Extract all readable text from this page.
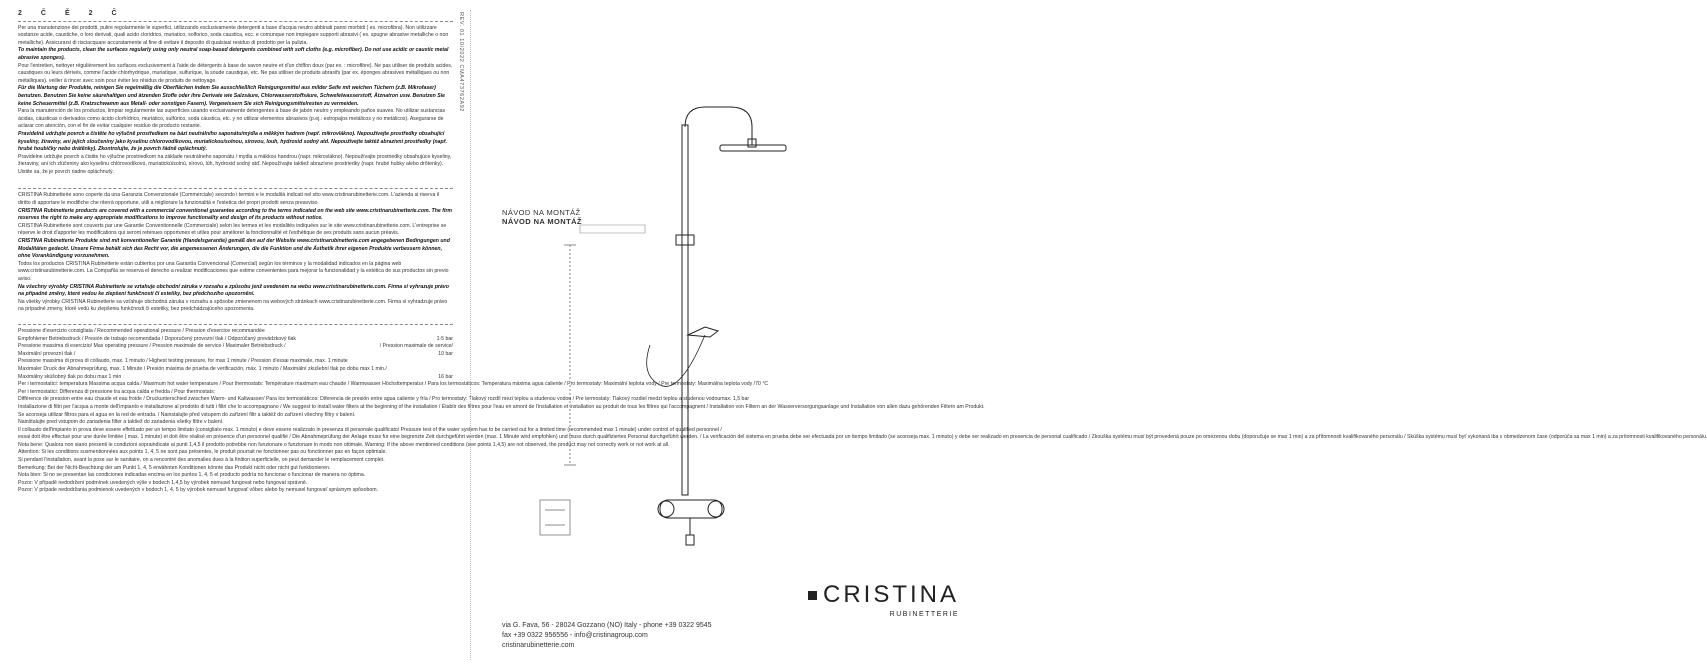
2	Č	Ě	2	Č

Per una manutenzione dei prodotti, pulire regolarmente le superfici, utilizzando esclusivamente detergenti a base d'acqua neutro abbinati panni morbidi ( es. microfibra). Non utilizzare sostanze acide, caustiche, o loro derivati, quali acido cloridrico, muriatico, solforico, soda caustica, ecc. e comunque non impiegare supporti abrasivi ( es. spugne abrasive metalliche o non metalliche). Assicurarsi di risciacquare accuratamente al fine di evitare il deposito di qualsiasi residuo di prodotto per la pulizia.

To maintain the products, clean the surfaces regularly using only neutral soap-based detergents combined with soft cloths (e.g. microfiber). Do not use acidic or caustic metal abrasive sponges).

Pour l'entretien, nettoyer régulièrement les surfaces exclusivement à l'aide de détergents à base de savon neutre et d'un chiffon doux (par ex. : microfibre). Ne pas utiliser de produits acides, caustiques ou leurs dérivés, comme l'acide chlorhydrique, muriatique, sulfurique, la soude caustique, etc. Ne pas utiliser de produits abrasifs (par ex. éponges abrasives métalliques ou non métalliques). veiller à rincer avec soin pour éviter les résidus de produits de nettoyage.

Für die Wartung der Produkte, reinigen Sie regelmäßig die Oberflächen indem Sie ausschließlich Reinigungsmittel aus milder Seife mit weichen Tüchern (z.B. Mikrofaser) benutzen. Benutzen Sie keine säurehaltigen und ätzenden Stoffe oder ihre Derivate wie Salzsäure, Chlorwasserstoffsäure, Schwefelwasserstoff, Ätznatron usw. Benutzen Sie keine Scheuermittel (z.B. Kratzschwamm aus Metall- oder sonstigen Fasern). Vergewissern Sie sich Reinigungsmittelresten zu vermeiden.

Para la manutención de los productos, limpiar regularmente las superficies usando exclusivamente detergentes a base de jabón neutro y empleando paños suaves. No utilizar sustancias ácidas, cáusticas o derivados como ácido clorhídrico, muriático, sulfúrico, soda cáustica, etc. y no utilizar elementos abrasivos (p.ej.: estropajos metálicos y no metálicos). Asegurarse de aclarar con atención, con el fin de evitar cualquier residuo de producto restante.

Pravidelně udržujte povrch a čistěte ho výlučně prostředkem na bázi neutrálního saponátu/mýdla a měkkým hadrem (např. mikrovlákno). Nepoužívejte prostředky obsahující kyseliny, žíraviny, ani jejich sloučeniny jako kyselinu chlorovodíkovou, muriatickou/solnou, sírovou, louh, hydroxid sodný atd. Nepoužívejte taktéž abrazivní prostředky (např. hrubé houbičky nebo drátěnky). Zkontrolujte, že je povrch řádně opláchnutý.

Pravidelne udržujte povrch a čistite ho výlučne prostriedkom na základe neutrálneho saponátu / mydla a mäkkou handrou (napr. mikrovlákno). Nepoužívajte prostriedky obsahujúce kyseliny, žieraviny, ani ich zlúčeniny ako kyselinu chlórovodíkovú, muriatickú/solnú, sírovú, lúh, hydroxid sodný atď. Nepoužívajte taktiež abrazívne prostriedky (napr. hrubé hubky alebo drôtenky). Uistite sa, že je povrch riadne opláchnutý.

CRISTINA Rubinetterie sono coperte da una Garanzia Convenzionale (Commerciale) secondo i termini e le modalità indicati nel sito www.cristinarubinetterie.com. L'azienda si riserva il diritto di apportare le modifiche che riterrà opportune, utili a migliorare la funzionalità e l'estetica dei propri prodotti senza preavviso.

CRISTINA Rubinetterie products are covered with a commercial conventional guarantee according to the terms indicated on the web site www.cristinarubinetterie.com. The firm reserves the right to make any appropriate modifications to improve functionality and design of its products without notice.

CRISTINA Rubinetterie sont couverts par une Garantie Conventionnelle (Commerciale) selon les termes et les modalités indiquées sur le site www.cristinarubinetterie.com. L'entreprise se réserve le droit d'apporter les modifications qui seront retenues opportunes et utiles pour améliorer la fonctionnalité et l'esthétique de ses produits sans aucun préavis.

CRISTINA Rubinetterie Produkte sind mit konventioneller Garantie (Handelsgarantie) gemäß den auf der Website www.cristinarubinetterie.com angegebenen Bedingungen und Modalitäten gedeckt. Unsere Firma behält sich das Recht vor, die angemessenen Änderungen, die die Funktion und die Ästhetik ihrer eigenen Produkte verbessern können, ohne Vorankündigung vorzunehmen.

Todos los productos CRISTINA Rubinetterie están cubiertos por una Garantía Convencional (Comercial) según los términos y la modalidad indicados en la página web www.cristinarubinetterie.com. La Compañía se reserva el derecho a realizar modificaciones que estime convenientes para mejorar la funcionalidad y la estética de sus productos sin previo aviso.

Na všechny výrobky CRISTINA Rubinetterie se vztahuje obchodní záruka v rozsahu a způsobu jenž uvedeném na webu www.cristinarubinetterie.com. Firma si vyhrazuje právo na případné změny, které vedou ke zlepšení funkčnosti či estetiky, bez předchozího upozornění.

Na všetky výrobky CRISTINA Rubinetterie sa vzťahuje obchodná záruka v rozsahu a spôsobe zmienenom na webových stránkach www.cristinarubinetterie.com. Firma si vyhradzuje právo na prípadné zmeny, ktoré vedú ku zlepšeniu funkčnosti či estetiky, bez predchádzajúceho upozornenia.

Pressione d'esercizio consigliata / Recommended operational pressure / Pression d'exercice recommandée
Empfohlener Betriebsdruck / Presión de trabajo recomendada / Doporučený provozní tlak / Odporúčaný prevádzkový tlak	1-5 bar
Pressione massima di esercizio/ Max operating pressure / Pression maximale de service / Maximaler Betriebsdruck /	/ Pression maximale de service/
Maximální provozní tlak /	10 bar
Pressione massima di prova di collaudo, max. 1 minuto / Highest testing pressure, for max 1 minute / Pression d'essai maximale, max. 1 minute
Maximaler Druck der Abnahmeprüfung, max. 1 Minute / Presión máxima de prueba de verificación, máx. 1 minuto / Maximální zkušební tlak po dobu max 1 min./
Maximálny skúšobný tlak po dobu max 1 min	16 bar
Per i termostatici: temperatura Massima acqua calda / Maximum hot water temperature / Pour thermostats: Température maximum eau chaude / Warmwasser Höchsttemperatur / Para los termostáticos: Temperatura máxima agua caliente / Pro termostaty: Maximální teplota vody / Pre termostaty: Maximálna teplota vody / 70 °C
Per i termostatici: Differenza di pressione tra acqua calda e fredda / Pour thermostats:
Différence de pression entre eau chaude et eau froide / Druckunterschied zwischen Warm- und Kaltwasser/ Para los termostáticos: Diferencia de presión entre agua caliente y fría / Pro termostaty: Tlakový rozdíl mezi teplou a studenou vodou / Pre termostaty: Tlakový rozdiel medzi teplou a studenou vodou max. 1,5 bar
Installazione di filtri per l'acqua a monte dell'impianto e installazione al prodotto di tutti i filtri che lo accompagnano / We suggest to install water filters at the beginning of the installation / Établir des filtres pour l'eau en amont de l'installation et installation au produit de tous les filtres qui l'accompagnent / Installation von Filtern an der Wasserversorgungsanlage und Installation von allen dazu gehörenden Filtern am Produkt.
Se aconseja utilizar filtros para el agua en la red de entrada. / Nainstalujte před vstupem do zařízení filtr a taktéž do zařízení všechny filtry v balení.
Nainštalujte pred vstupom do zariadenia filter a taktiež do zariadenia všetky filtre v balení.
Il collaudo dell'impianto in prova deve essere effettuato per un tempo limitato (consigliato max. 1 minuto) e deve essere realizzato in presenza di personale qualificato/ Pressure test of the water system has to be carried out for a limited time (recommended max 1 minute) under control of qualified personnel /
essai doit être effectué pour une durée limitée ( max. 1 minute) et doit être réalisé en présence d'un personnel qualifié / Die Abnahmeprüfung der Anlage muss für eine begrenzte Zeit durchgeführt werden (max. 1 Minute wird empfohlen) und muss durch qualifiziertes Personal durchgeführt werden. / La verificación del sistema en prueba debe ser efectuada por un tiempo limitado (se aconseja max. 1 minuto) y debe ser realizado en presencia de personal cualificado / Zkouška systému musí být provedená pouze po omezenou dobu (doporučuje se max 1 min) a za přítomnosti kvalifikovaného personálu / Skúška systému musí byť vykonaná iba v obmedzenom čase (odporúča sa max 1 min) a za prítomnosti kvalifikovaného personálu.
Nota bene: Qualora non siano presenti le condizioni sopraindicate ai punti 1,4,5 il prodotto potrebbe non funzionare o funzionare in modo non ottimale. Warning: If the above mentioned conditions (see points 1,4,5) are not observed, the product may not correctly work or not work at all.
Attention: Si les conditions susmentionnées aux points 1, 4, 5 ne sont pas présentes, le produit pourrait ne fonctionner pas ou fonctionner pas en façon optimale.
Si pendant l'installation, avant la pose sur le sanitaire, on a rencontré des anomalies dues à la finition superficielle, on peut demander le remplacement complet.
Bemerkung: Bei der Nicht-Beachtung der am Punkt 1, 4, 5 erwähnten Konditionen könnte das Produkt nicht oder nicht gut funktionieren.
Nota bien: Si no se presentan las condiciones indicadas encima en los puntos 1, 4, 5 el producto podría no funcionar o funcionar de manera no óptima.
Pozor: V případě nedodržení podmínek uvedených výše v bodech 1,4,5 by výrobek nemusel fungovat nebo fungovat správně.
Pozor: V prípade nedodržania podmienok uvedených v bodoch 1, 4, 5 by výrobok nemusel fungovať vôbec alebo by nemusel fungovať správnym spôsobom.
REV. 01 10/2022 CMA473762A92
NÁVOD NA MONTÁŽ
NÁVOD NA MONTÁŽ
CRISTINA
RUBINETTERIE
via G. Fava, 56 - 28024 Gozzano (NO) Italy - phone +39 0322 9545
fax +39 0322 956556 - info@cristinagroup.com
cristinarubinetterie.com
